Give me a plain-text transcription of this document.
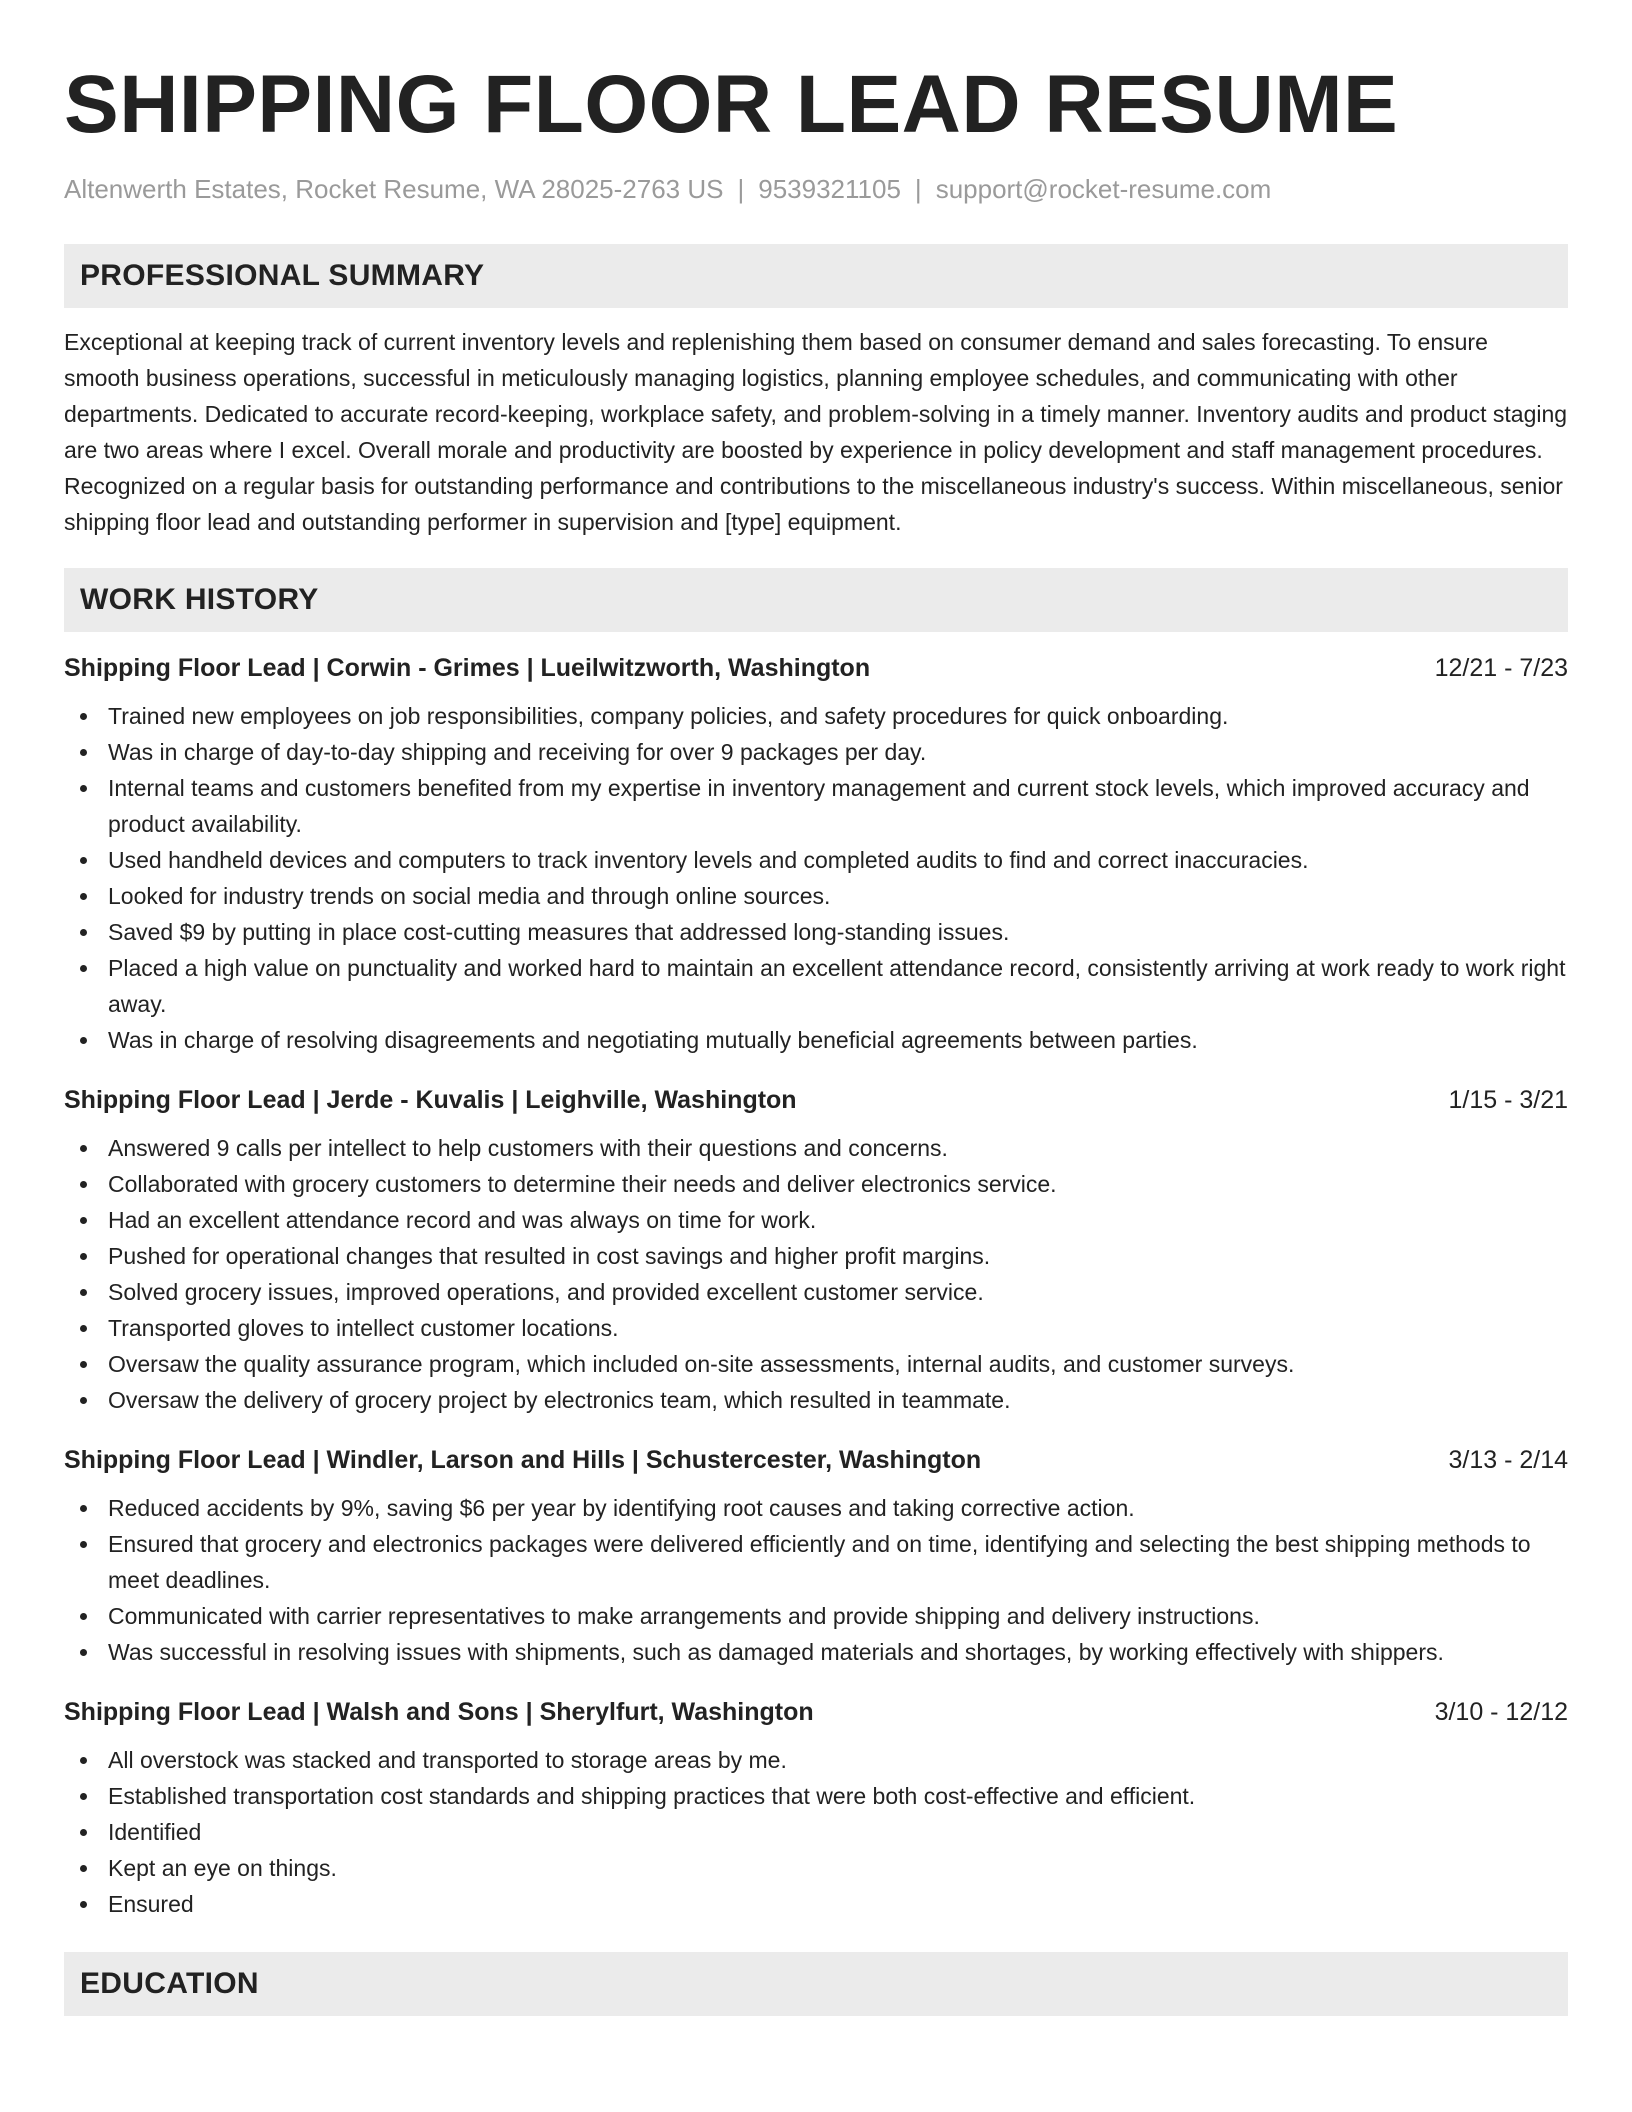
SHIPPING FLOOR LEAD RESUME
Altenwerth Estates, Rocket Resume, WA 28025-2763 US | 9539321105 | support@rocket-resume.com
PROFESSIONAL SUMMARY
Exceptional at keeping track of current inventory levels and replenishing them based on consumer demand and sales forecasting. To ensure smooth business operations, successful in meticulously managing logistics, planning employee schedules, and communicating with other departments. Dedicated to accurate record-keeping, workplace safety, and problem-solving in a timely manner. Inventory audits and product staging are two areas where I excel. Overall morale and productivity are boosted by experience in policy development and staff management procedures. Recognized on a regular basis for outstanding performance and contributions to the miscellaneous industry's success. Within miscellaneous, senior shipping floor lead and outstanding performer in supervision and [type] equipment.
WORK HISTORY
Shipping Floor Lead | Corwin - Grimes | Lueilwitzworth, Washington	12/21 - 7/23
Trained new employees on job responsibilities, company policies, and safety procedures for quick onboarding.
Was in charge of day-to-day shipping and receiving for over 9 packages per day.
Internal teams and customers benefited from my expertise in inventory management and current stock levels, which improved accuracy and product availability.
Used handheld devices and computers to track inventory levels and completed audits to find and correct inaccuracies.
Looked for industry trends on social media and through online sources.
Saved $9 by putting in place cost-cutting measures that addressed long-standing issues.
Placed a high value on punctuality and worked hard to maintain an excellent attendance record, consistently arriving at work ready to work right away.
Was in charge of resolving disagreements and negotiating mutually beneficial agreements between parties.
Shipping Floor Lead | Jerde - Kuvalis | Leighville, Washington	1/15 - 3/21
Answered 9 calls per intellect to help customers with their questions and concerns.
Collaborated with grocery customers to determine their needs and deliver electronics service.
Had an excellent attendance record and was always on time for work.
Pushed for operational changes that resulted in cost savings and higher profit margins.
Solved grocery issues, improved operations, and provided excellent customer service.
Transported gloves to intellect customer locations.
Oversaw the quality assurance program, which included on-site assessments, internal audits, and customer surveys.
Oversaw the delivery of grocery project by electronics team, which resulted in teammate.
Shipping Floor Lead | Windler, Larson and Hills | Schustercester, Washington	3/13 - 2/14
Reduced accidents by 9%, saving $6 per year by identifying root causes and taking corrective action.
Ensured that grocery and electronics packages were delivered efficiently and on time, identifying and selecting the best shipping methods to meet deadlines.
Communicated with carrier representatives to make arrangements and provide shipping and delivery instructions.
Was successful in resolving issues with shipments, such as damaged materials and shortages, by working effectively with shippers.
Shipping Floor Lead | Walsh and Sons | Sherylfurt, Washington	3/10 - 12/12
All overstock was stacked and transported to storage areas by me.
Established transportation cost standards and shipping practices that were both cost-effective and efficient.
Identified
Kept an eye on things.
Ensured
EDUCATION
